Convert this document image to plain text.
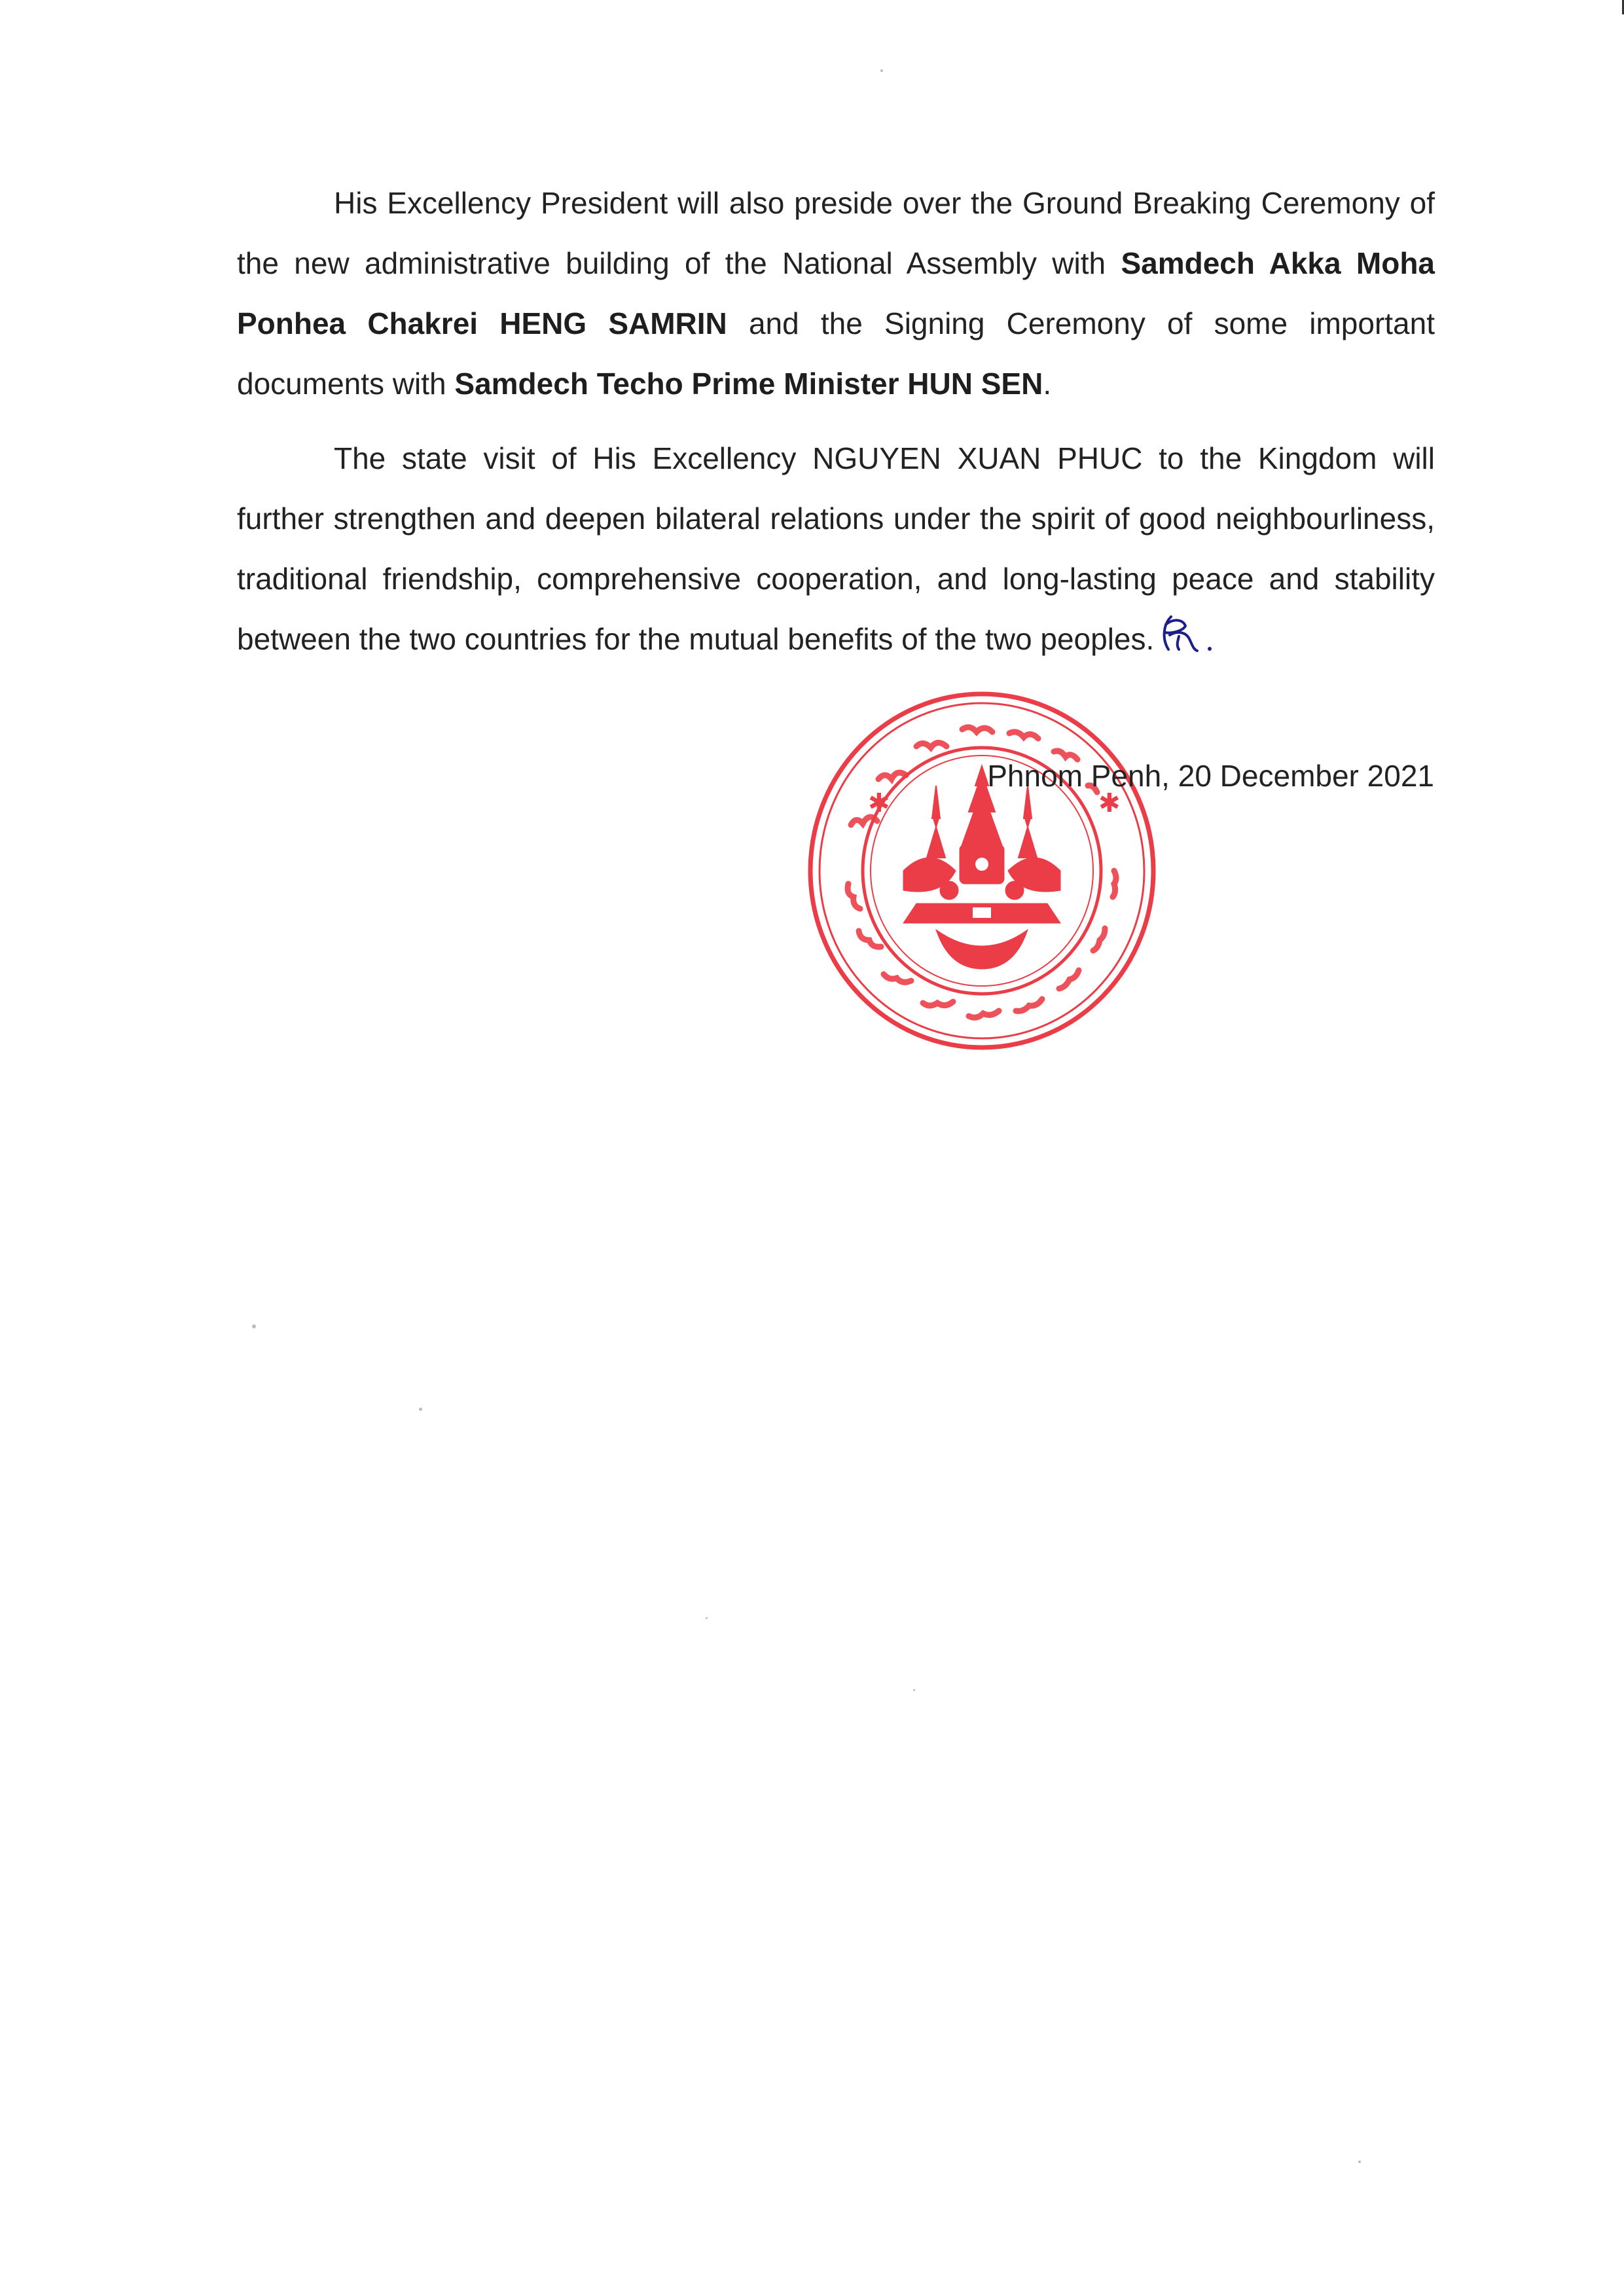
His Excellency President will also preside over the Ground Breaking Ceremony of the new administrative building of the National Assembly with Samdech Akka Moha Ponhea Chakrei HENG SAMRIN and the Signing Ceremony of some important documents with Samdech Techo Prime Minister HUN SEN.

The state visit of His Excellency NGUYEN XUAN PHUC to the Kingdom will further strengthen and deepen bilateral relations under the spirit of good neighbourliness, traditional friendship, comprehensive cooperation, and long-lasting peace and stability between the two countries for the mutual benefits of the two peoples.

✱	✱

Phnom Penh, 20 December 2021
